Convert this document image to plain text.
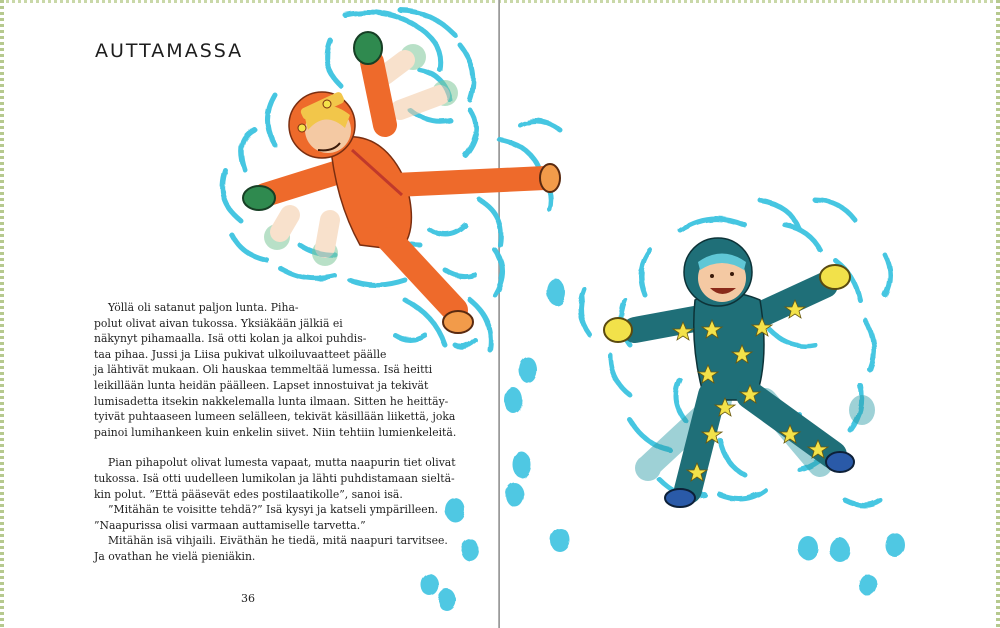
AUTTAMASSA

Yöllä oli satanut paljon lunta. Piha-
polut olivat aivan tukossa. Yksiäkään jälkiä ei
näkynyt pihamaalla. Isä otti kolan ja alkoi puhdis-
taa pihaa. Jussi ja Liisa pukivat ulkoiluvaatteet päälle
ja lähtivät mukaan. Oli hauskaa temmeltää lumessa. Isä heitti
leikillään lunta heidän päälleen. Lapset innostuivat ja tekivät
lumisadetta itsekin nakkelemalla lunta ilmaan. Sitten he heittäy-
tyivät puhtaaseen lumeen selälleen, tekivät käsillään liikettä, joka
painoi lumihankeen kuin enkelin siivet. Niin tehtiin lumienkeleitä.

Pian pihapolut olivat lumesta vapaat, mutta naapurin tiet olivat
tukossa. Isä otti uudelleen lumikolan ja lähti puhdistamaan sieltä-
kin polut. ”Että pääsevät edes postilaatikolle”, sanoi isä.
”Mitähän te voisitte tehdä?” Isä kysyi ja katseli ympärilleen.
”Naapurissa olisi varmaan auttamiselle tarvetta.”
Mitähän isä vihjaili. Eiväthän he tiedä, mitä naapuri tarvitsee.
Ja ovathan he vielä pieniäkin.

36
